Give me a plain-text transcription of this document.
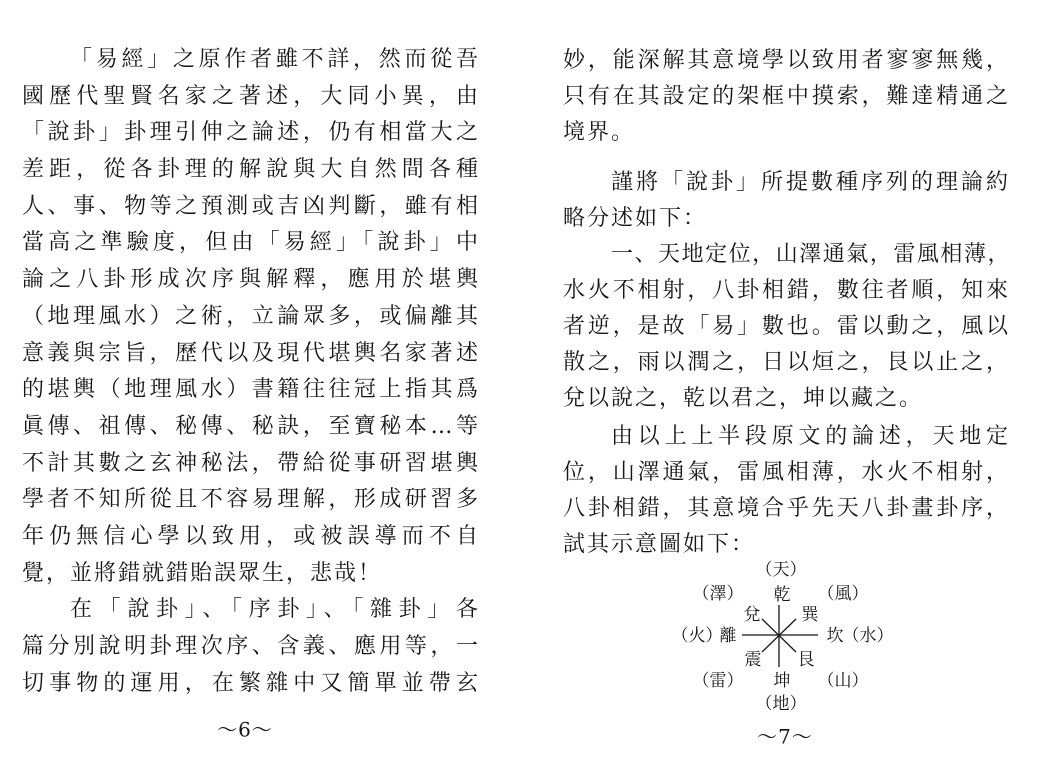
「易經」之原作者雖不詳，然而從吾
國歷代聖賢名家之著述，大同小異，由
「說卦」卦理引伸之論述，仍有相當大之
差距，從各卦理的解說與大自然間各種
人、事、物等之預測或吉凶判斷，雖有相
當高之準驗度，但由「易經」「說卦」中
論之八卦形成次序與解釋，應用於堪輿
（地理風水）之術，立論眾多，或偏離其
意義與宗旨，歷代以及現代堪輿名家著述
的堪輿（地理風水）書籍往往冠上指其爲
眞傳、祖傳、秘傳、秘訣，至寶秘本…等
不計其數之玄神秘法，帶給從事研習堪輿
學者不知所從且不容易理解，形成研習多
年仍無信心學以致用，或被誤導而不自
覺，並將錯就錯貽誤眾生，悲哉！
在「說卦」、「序卦」、「雜卦」各
篇分別說明卦理次序、含義、應用等，一
切事物的運用，在繁雜中又簡單並帶玄
～6～
妙，能深解其意境學以致用者寥寥無幾，
只有在其設定的架框中摸索，難達精通之
境界。
謹將「說卦」所提數種序列的理論約
略分述如下：
一、天地定位，山澤通氣，雷風相薄，
水火不相射，八卦相錯，數往者順，知來
者逆，是故「易」數也。雷以動之，風以
散之，雨以潤之，日以烜之，艮以止之，
兌以說之，乾以君之，坤以藏之。
由以上上半段原文的論述，天地定
位，山澤通氣，雷風相薄，水火不相射，
八卦相錯，其意境合乎先天八卦畫卦序，
試其示意圖如下：
（天）
乾
（澤）
兌 巽
（風）
（火）
離	坎 （水）
震 艮
（雷） 坤 （山）
（地）
～7～
